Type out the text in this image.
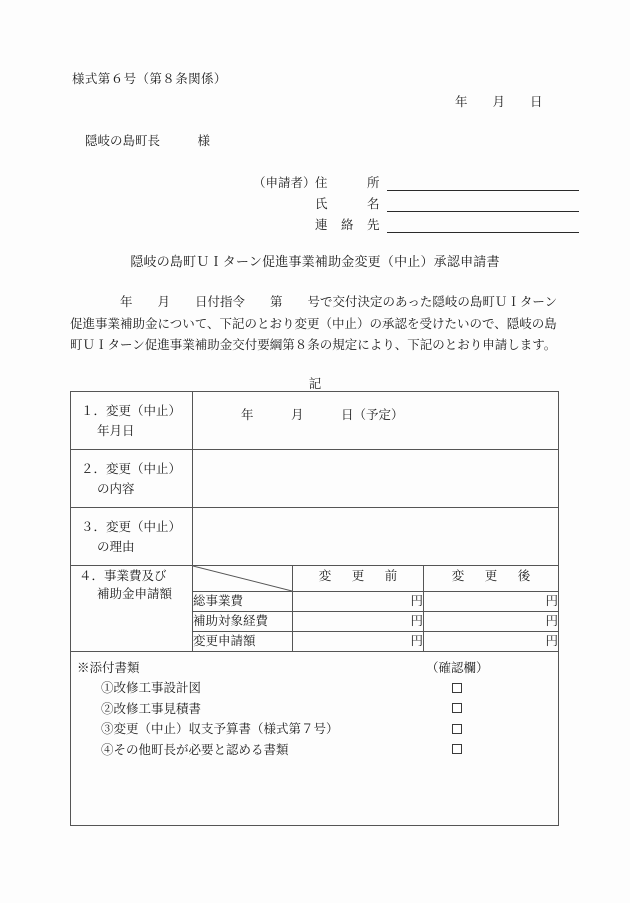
様式第６号（第８条関係）
年　　月　　日
隠岐の島町長　　　様
（申請者） 住　　　所
氏　　　名
連　絡　先
隠岐の島町ＵＩターン促進事業補助金変更（中止）承認申請書
　　　　年　　月　　日付指令　　第　　号で交付決定のあった隠岐の島町ＵＩターン
促進事業補助金について、下記のとおり変更（中止）の承認を受けたいので、隠岐の島
町ＵＩターン促進事業補助金交付要綱第８条の規定により、下記のとおり申請します。
記
１．変更（中止）
年月日	年　　　月　　　日（予定）		

２．変更（中止）
の内容			

３．変更（中止）
の理由			

４．事業費及び
補助金申請額		変　更　前	変　更　後
	総事業費	円	円
	補助対象経費	円	円
	変更申請額	円	円

※添付書類	（確認欄）
①改修工事設計図
②改修工事見積書
③変更（中止）収支予算書（様式第７号）
④その他町長が必要と認める書類
